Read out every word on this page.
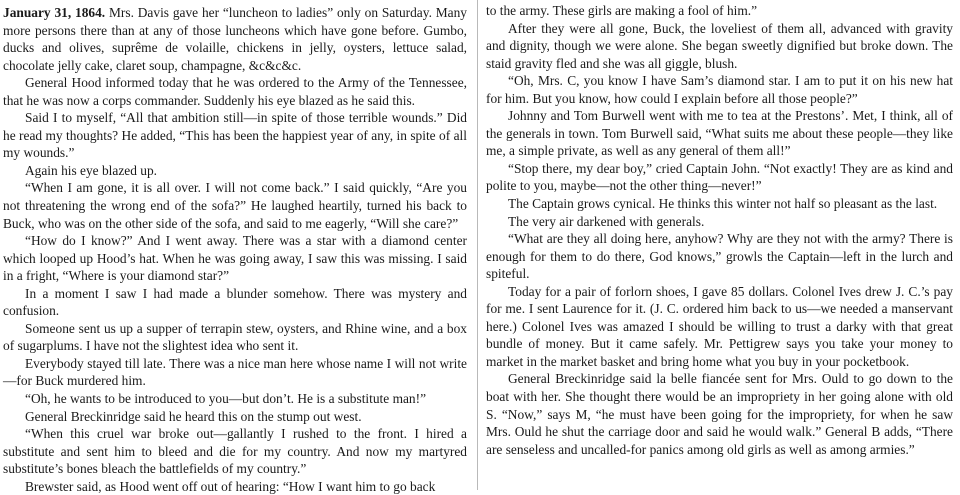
January 31, 1864. Mrs. Davis gave her “luncheon to ladies” only on Saturday. Many more persons there than at any of those luncheons which have gone before. Gumbo, ducks and olives, suprême de volaille, chickens in jelly, oysters, lettuce salad, chocolate jelly cake, claret soup, champagne, &c&c&c.

General Hood informed today that he was ordered to the Army of the Tennessee, that he was now a corps commander. Suddenly his eye blazed as he said this.

Said I to myself, “All that ambition still—in spite of those terrible wounds.” Did he read my thoughts? He added, “This has been the happiest year of any, in spite of all my wounds.”

Again his eye blazed up.

“When I am gone, it is all over. I will not come back.” I said quickly, “Are you not threatening the wrong end of the sofa?” He laughed heartily, turned his back to Buck, who was on the other side of the sofa, and said to me eagerly, “Will she care?”

“How do I know?” And I went away. There was a star with a diamond center which looped up Hood’s hat. When he was going away, I saw this was missing. I said in a fright, “Where is your diamond star?”

In a moment I saw I had made a blunder somehow. There was mystery and confusion.

Someone sent us up a supper of terrapin stew, oysters, and Rhine wine, and a box of sugarplums. I have not the slightest idea who sent it.

Everybody stayed till late. There was a nice man here whose name I will not write—for Buck murdered him.

“Oh, he wants to be introduced to you—but don’t. He is a substitute man!”

General Breckinridge said he heard this on the stump out west.

“When this cruel war broke out—gallantly I rushed to the front. I hired a substitute and sent him to bleed and die for my country. And now my martyred substitute’s bones bleach the battlefields of my country.”

Brewster said, as Hood went off out of hearing: “How I want him to go back

to the army. These girls are making a fool of him.”

After they were all gone, Buck, the loveliest of them all, advanced with gravity and dignity, though we were alone. She began sweetly dignified but broke down. The staid gravity fled and she was all giggle, blush.

“Oh, Mrs. C, you know I have Sam’s diamond star. I am to put it on his new hat for him. But you know, how could I explain before all those people?”

Johnny and Tom Burwell went with me to tea at the Prestons’. Met, I think, all of the generals in town. Tom Burwell said, “What suits me about these people—they like me, a simple private, as well as any general of them all!”

“Stop there, my dear boy,” cried Captain John. “Not exactly! They are as kind and polite to you, maybe—not the other thing—never!”

The Captain grows cynical. He thinks this winter not half so pleasant as the last.

The very air darkened with generals.

“What are they all doing here, anyhow? Why are they not with the army? There is enough for them to do there, God knows,” growls the Captain—left in the lurch and spiteful.

Today for a pair of forlorn shoes, I gave 85 dollars. Colonel Ives drew J. C.’s pay for me. I sent Laurence for it. (J. C. ordered him back to us—we needed a manservant here.) Colonel Ives was amazed I should be willing to trust a darky with that great bundle of money. But it came safely. Mr. Pettigrew says you take your money to market in the market basket and bring home what you buy in your pocketbook.

General Breckinridge said la belle fiancée sent for Mrs. Ould to go down to the boat with her. She thought there would be an impropriety in her going alone with old S. “Now,” says M, “he must have been going for the impropriety, for when he saw Mrs. Ould he shut the carriage door and said he would walk.” General B adds, “There are senseless and uncalled-for panics among old girls as well as among armies.”
